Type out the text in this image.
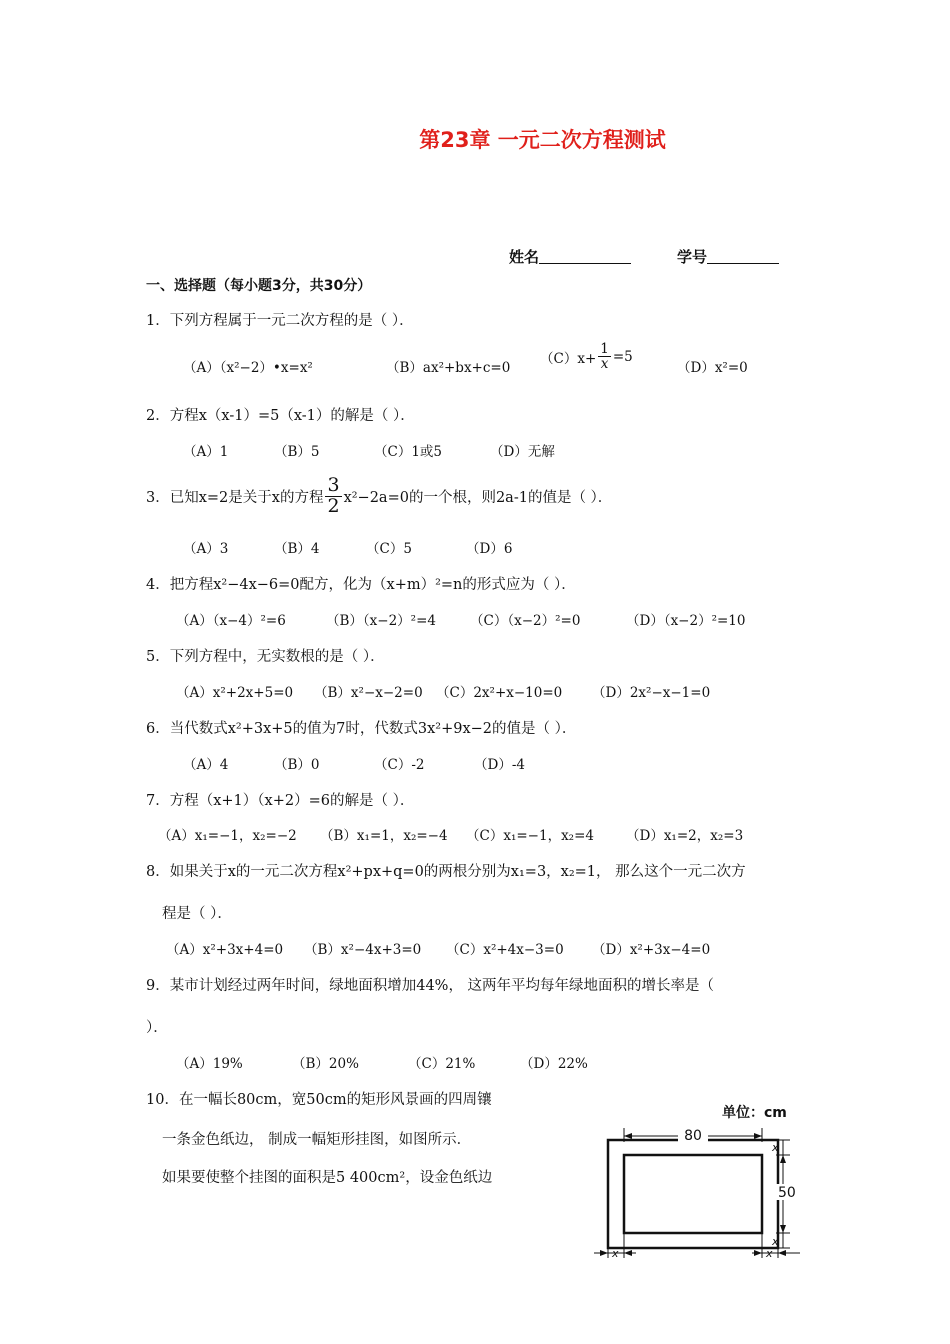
第23章 一元二次方程测试
姓名	学号
一、选择题（每小题3分，共30分）
1．下列方程属于一元二次方程的是（ ）．
（A）（x²−2）•x=x²	（B）ax²+bx+c=0
$(C)x+ \frac{1}{x} =5$
（D）x²=0
2．方程x（x-1）=5（x-1）的解是（ ）．
（A）1	（B）5	（C）1或5	（D）无解
3．已知x=2是关于x的方程 $\frac{3}{2} x^2-2a=0$的一个根，则2a-1的值是（ ）．
（A）3	（B）4	（C）5	（D）6
4．把方程x²−4x−6=0配方，化为（x+m）²=n的形式应为（ ）．
（A）（x−4）²=6	（B）（x−2）²=4	（C）（x−2）²=0	（D）（x−2）²=10
5．下列方程中，无实数根的是（ ）．
（A）x²+2x+5=0 （B）x²−x−2=0 （C）2x²+x−10=0 （D）2x²−x−1=0
6．当代数式x²+3x+5的值为7时，代数式3x²+9x−2的值是（ ）．
（A）4	（B）0	（C）-2	（D）-4
7．方程（x+1）（x+2）=6的解是（ ）．
（A）x₁=−1，x₂=−2 （B）x₁=1，x₂=−4 （C）x₁=−1，x₂=4 （D）x₁=2，x₂=3
8．如果关于x的一元二次方程x²+px+q=0的两根分别为x₁=3，x₂=1， 那么这个一元二次方
程是（ ）．
（A）x²+3x+4=0 （B）x²−4x+3=0 （C）x²+4x−3=0 （D）x²+3x−4=0
9．某市计划经过两年时间，绿地面积增加44%， 这两年平均每年绿地面积的增长率是（
）．
（A）19%	（B）20%	（C）21%	（D）22%
10．在一幅长80cm，宽50cm的矩形风景画的四周镶
一条金色纸边， 制成一幅矩形挂图，如图所示．
如果要使整个挂图的面积是5 400cm²，设金色纸边
单位：cm
80
50
x
x
x	x
